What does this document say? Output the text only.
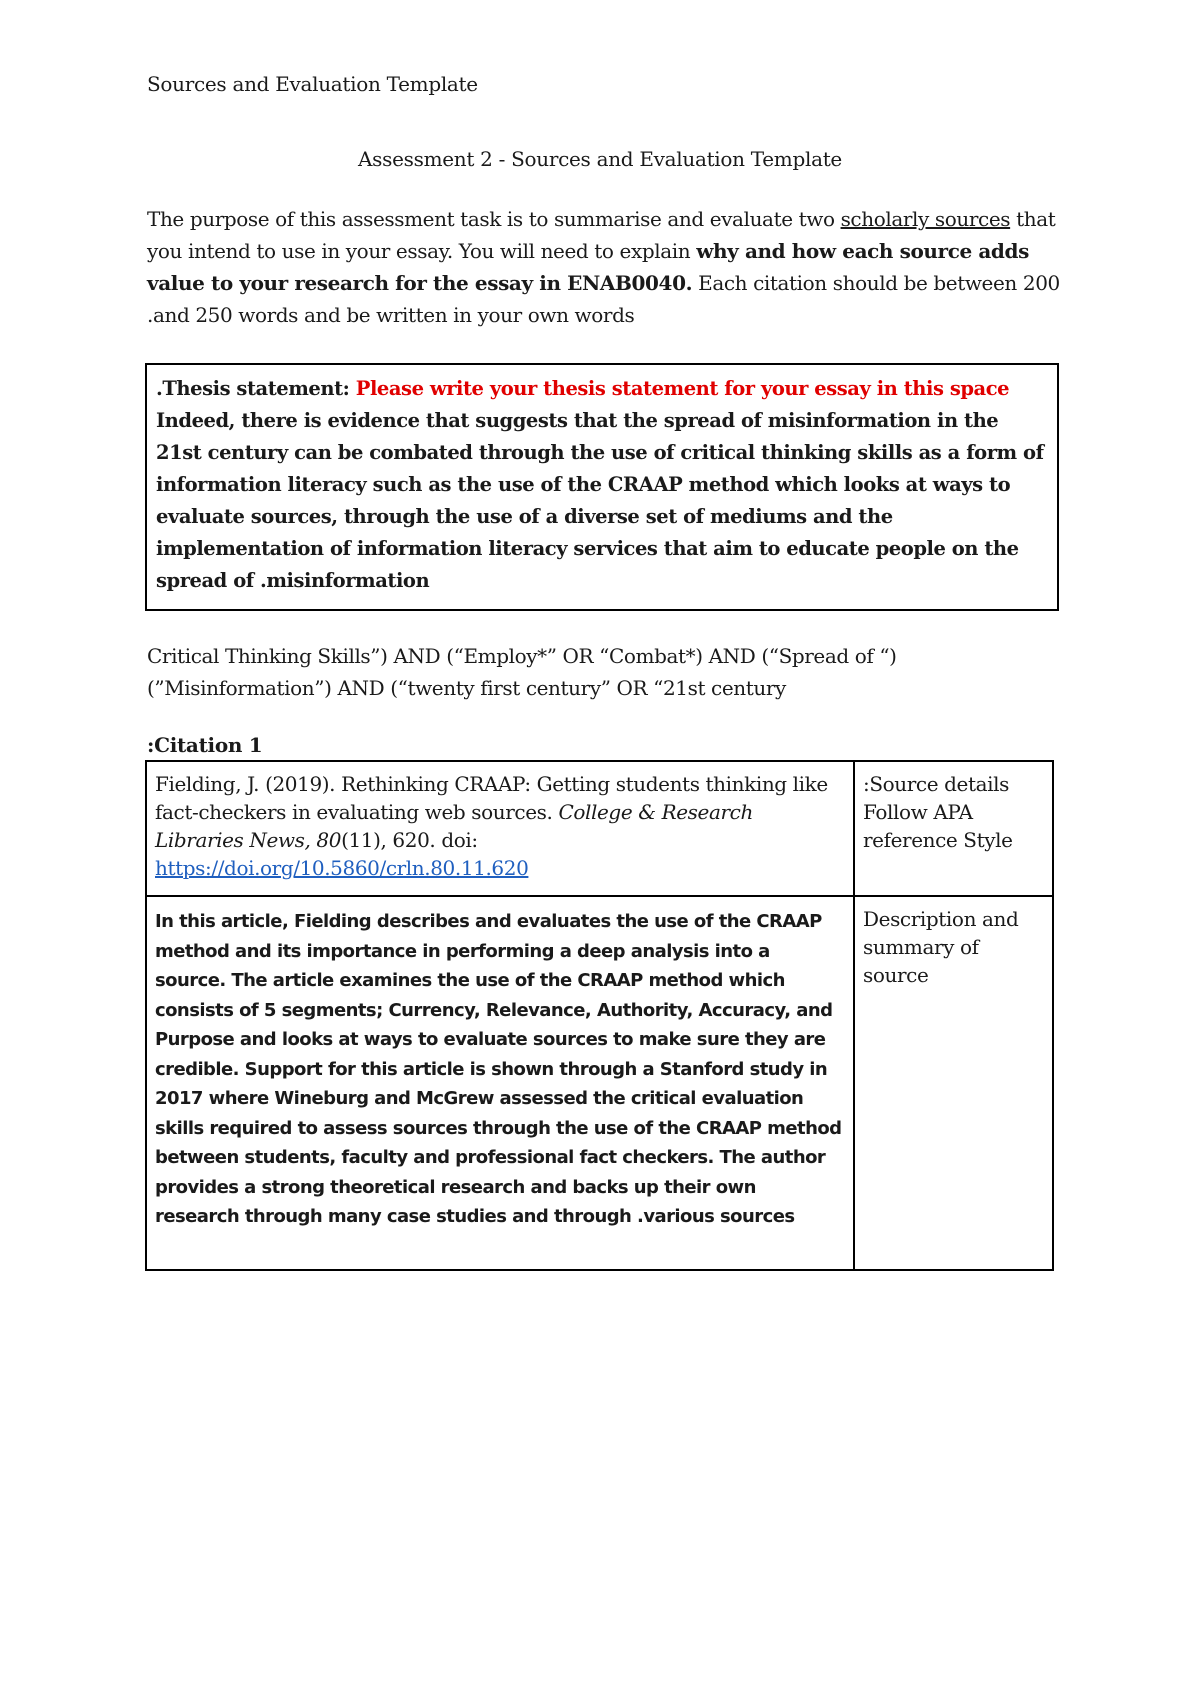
Sources and Evaluation Template
Assessment 2 - Sources and Evaluation Template
The purpose of this assessment task is to summarise and evaluate two scholarly sources that you intend to use in your essay. You will need to explain why and how each source adds value to your research for the essay in ENAB0040. Each citation should be between 200 .and 250 words and be written in your own words
.Thesis statement: Please write your thesis statement for your essay in this space
Indeed, there is evidence that suggests that the spread of misinformation in the 21st century can be combated through the use of critical thinking skills as a form of information literacy such as the use of the CRAAP method which looks at ways to evaluate sources, through the use of a diverse set of mediums and the implementation of information literacy services that aim to educate people on the spread of .misinformation
Critical Thinking Skills”) AND (“Employ*” OR “Combat*) AND (“Spread of “)
(”Misinformation”) AND (“twenty first century” OR “21st century
:Citation 1
Fielding, J. (2019). Rethinking CRAAP: Getting students thinking like fact-checkers in evaluating web sources. College & Research Libraries News, 80(11), 620. doi:
https://doi.org/10.5860/crln.80.11.620	:Source details Follow APA reference Style
In this article, Fielding describes and evaluates the use of the CRAAP method and its importance in performing a deep analysis into a source. The article examines the use of the CRAAP method which consists of 5 segments; Currency, Relevance, Authority, Accuracy, and Purpose and looks at ways to evaluate sources to make sure they are credible. Support for this article is shown through a Stanford study in 2017 where Wineburg and McGrew assessed the critical evaluation skills required to assess sources through the use of the CRAAP method between students, faculty and professional fact checkers. The author provides a strong theoretical research and backs up their own research through many case studies and through .various sources	Description and summary of source
